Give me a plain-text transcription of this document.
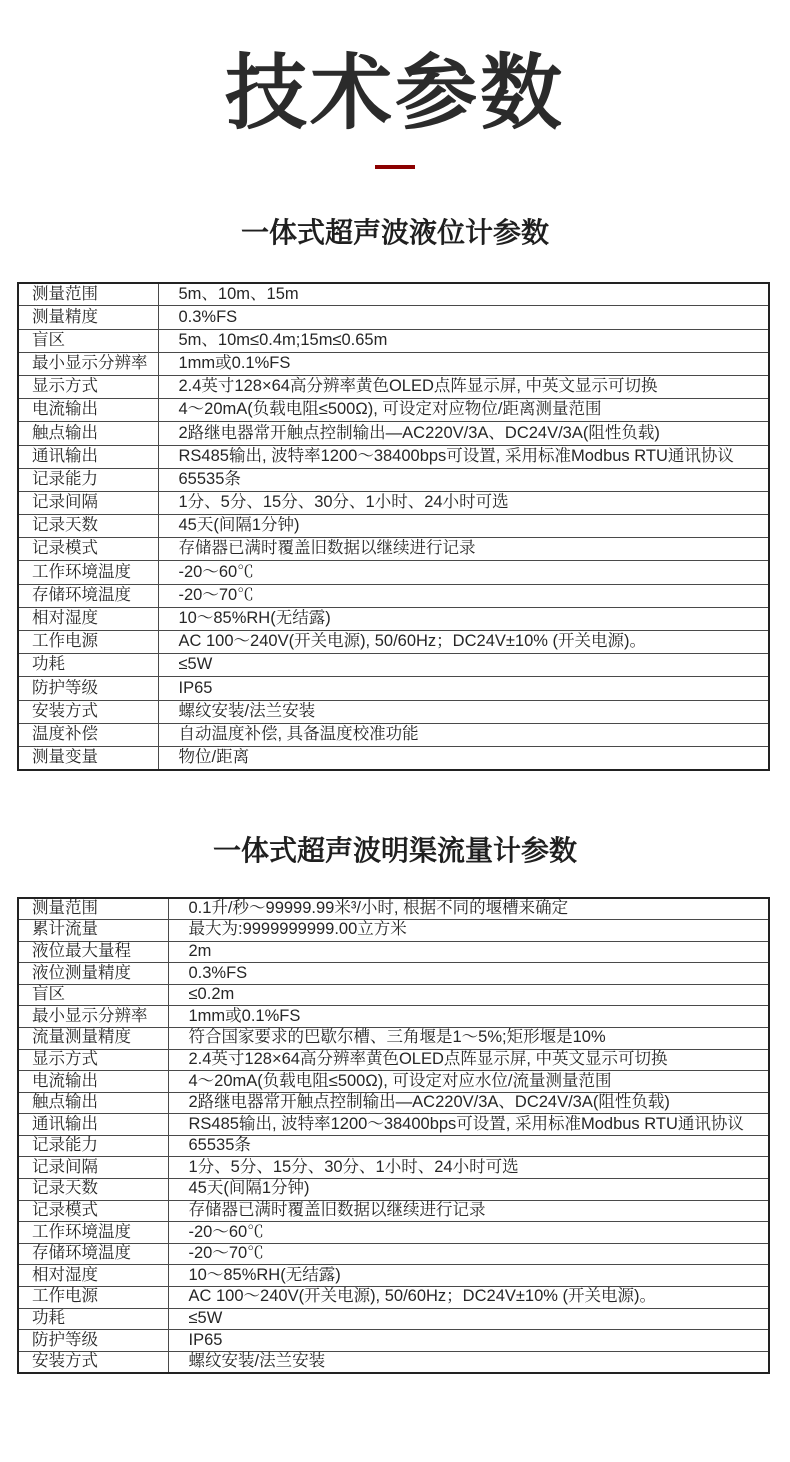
技术参数
一体式超声波液位计参数
测量范围	5m、10m、15m
测量精度	0.3%FS
盲区	5m、10m≤0.4m;15m≤0.65m
最小显示分辨率	1mm或0.1%FS
显示方式	2.4英寸128×64高分辨率黄色OLED点阵显示屏, 中英文显示可切换
电流输出	4～20mA(负载电阻≤500Ω), 可设定对应物位/距离测量范围
触点输出	2路继电器常开触点控制输出—AC220V/3A、DC24V/3A(阻性负载)
通讯输出	RS485输出, 波特率1200～38400bps可设置, 采用标准Modbus RTU通讯协议
记录能力	65535条
记录间隔	1分、5分、15分、30分、1小时、24小时可选
记录天数	45天(间隔1分钟)
记录模式	存储器已满时覆盖旧数据以继续进行记录
工作环境温度	-20～60℃
存储环境温度	-20～70℃
相对湿度	10～85%RH(无结露)
工作电源	AC 100～240V(开关电源), 50/60Hz；DC24V±10% (开关电源)。
功耗	≤5W
防护等级	IP65
安装方式	螺纹安装/法兰安装
温度补偿	自动温度补偿, 具备温度校准功能
测量变量	物位/距离
一体式超声波明渠流量计参数
测量范围	0.1升/秒～99999.99米³/小时, 根据不同的堰槽来确定
累计流量	最大为:9999999999.00立方米
液位最大量程	2m
液位测量精度	0.3%FS
盲区	≤0.2m
最小显示分辨率	1mm或0.1%FS
流量测量精度	符合国家要求的巴歇尔槽、三角堰是1～5%;矩形堰是10%
显示方式	2.4英寸128×64高分辨率黄色OLED点阵显示屏, 中英文显示可切换
电流输出	4～20mA(负载电阻≤500Ω), 可设定对应水位/流量测量范围
触点输出	2路继电器常开触点控制输出—AC220V/3A、DC24V/3A(阻性负载)
通讯输出	RS485输出, 波特率1200～38400bps可设置, 采用标准Modbus RTU通讯协议
记录能力	65535条
记录间隔	1分、5分、15分、30分、1小时、24小时可选
记录天数	45天(间隔1分钟)
记录模式	存储器已满时覆盖旧数据以继续进行记录
工作环境温度	-20～60℃
存储环境温度	-20～70℃
相对湿度	10～85%RH(无结露)
工作电源	AC 100～240V(开关电源), 50/60Hz；DC24V±10% (开关电源)。
功耗	≤5W
防护等级	IP65
安装方式	螺纹安装/法兰安装
